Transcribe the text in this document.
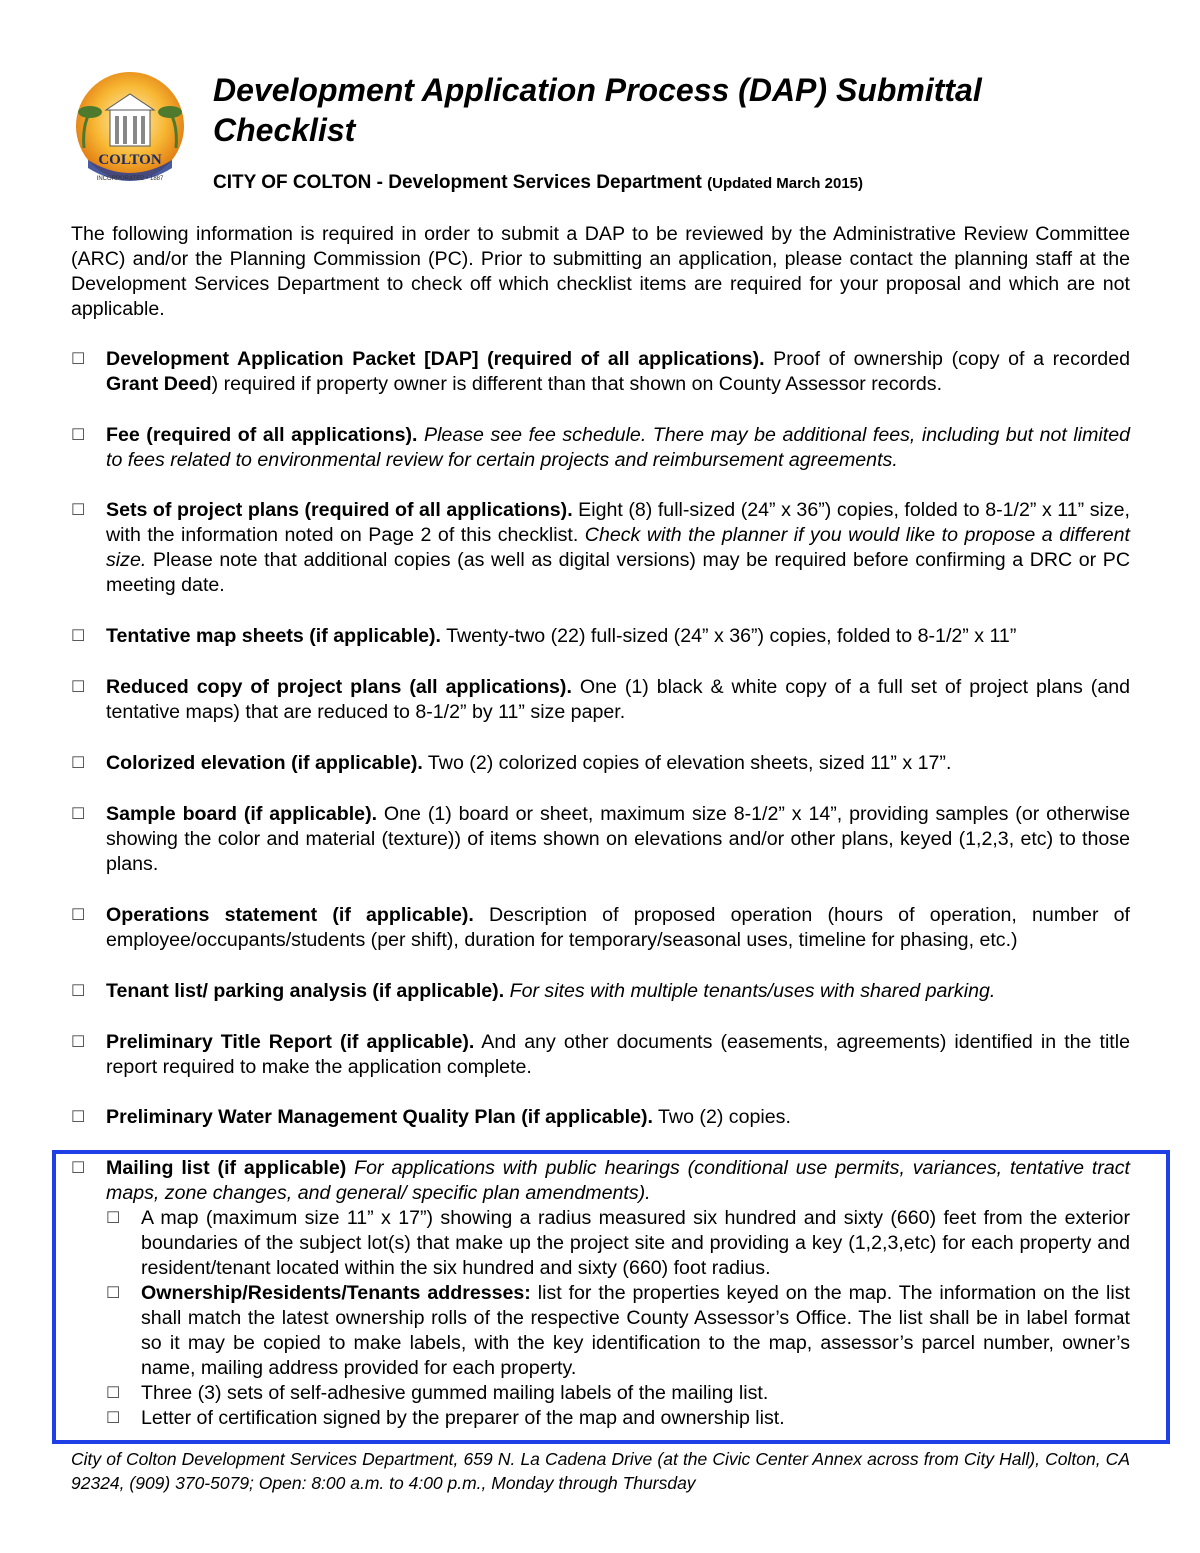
COLTON
INCORPORATED • 1887
Development Application Process (DAP) Submittal Checklist
CITY OF COLTON - Development Services Department (Updated March 2015)

The following information is required in order to submit a DAP to be reviewed by the Administrative Review Committee (ARC) and/or the Planning Commission (PC). Prior to submitting an application, please contact the planning staff at the Development Services Department to check off which checklist items are required for your proposal and which are not applicable.

☐ Development Application Packet [DAP] (required of all applications). Proof of ownership (copy of a recorded Grant Deed) required if property owner is different than that shown on County Assessor records.
☐ Fee (required of all applications). Please see fee schedule. There may be additional fees, including but not limited to fees related to environmental review for certain projects and reimbursement agreements.
☐ Sets of project plans (required of all applications). Eight (8) full-sized (24” x 36”) copies, folded to 8-1/2” x 11” size, with the information noted on Page 2 of this checklist. Check with the planner if you would like to propose a different size. Please note that additional copies (as well as digital versions) may be required before confirming a DRC or PC meeting date.
☐ Tentative map sheets (if applicable). Twenty-two (22) full-sized (24” x 36”) copies, folded to 8-1/2” x 11”
☐ Reduced copy of project plans (all applications). One (1) black & white copy of a full set of project plans (and tentative maps) that are reduced to 8-1/2” by 11” size paper.
☐ Colorized elevation (if applicable). Two (2) colorized copies of elevation sheets, sized 11” x 17”.
☐ Sample board (if applicable). One (1) board or sheet, maximum size 8-1/2” x 14”, providing samples (or otherwise showing the color and material (texture)) of items shown on elevations and/or other plans, keyed (1,2,3, etc) to those plans.
☐ Operations statement (if applicable). Description of proposed operation (hours of operation, number of employee/occupants/students (per shift), duration for temporary/seasonal uses, timeline for phasing, etc.)
☐ Tenant list/ parking analysis (if applicable). For sites with multiple tenants/uses with shared parking.
☐ Preliminary Title Report (if applicable). And any other documents (easements, agreements) identified in the title report required to make the application complete.
☐ Preliminary Water Management Quality Plan (if applicable). Two (2) copies.
☐ Mailing list (if applicable) For applications with public hearings (conditional use permits, variances, tentative tract maps, zone changes, and general/ specific plan amendments).
☐ A map (maximum size 11” x 17”) showing a radius measured six hundred and sixty (660) feet from the exterior boundaries of the subject lot(s) that make up the project site and providing a key (1,2,3,etc) for each property and resident/tenant located within the six hundred and sixty (660) foot radius.
☐ Ownership/Residents/Tenants addresses: list for the properties keyed on the map. The information on the list shall match the latest ownership rolls of the respective County Assessor’s Office. The list shall be in label format so it may be copied to make labels, with the key identification to the map, assessor’s parcel number, owner’s name, mailing address provided for each property.
☐ Three (3) sets of self-adhesive gummed mailing labels of the mailing list.
☐ Letter of certification signed by the preparer of the map and ownership list.

City of Colton Development Services Department, 659 N. La Cadena Drive (at the Civic Center Annex across from City Hall), Colton, CA 92324, (909) 370-5079; Open: 8:00 a.m. to 4:00 p.m., Monday through Thursday
